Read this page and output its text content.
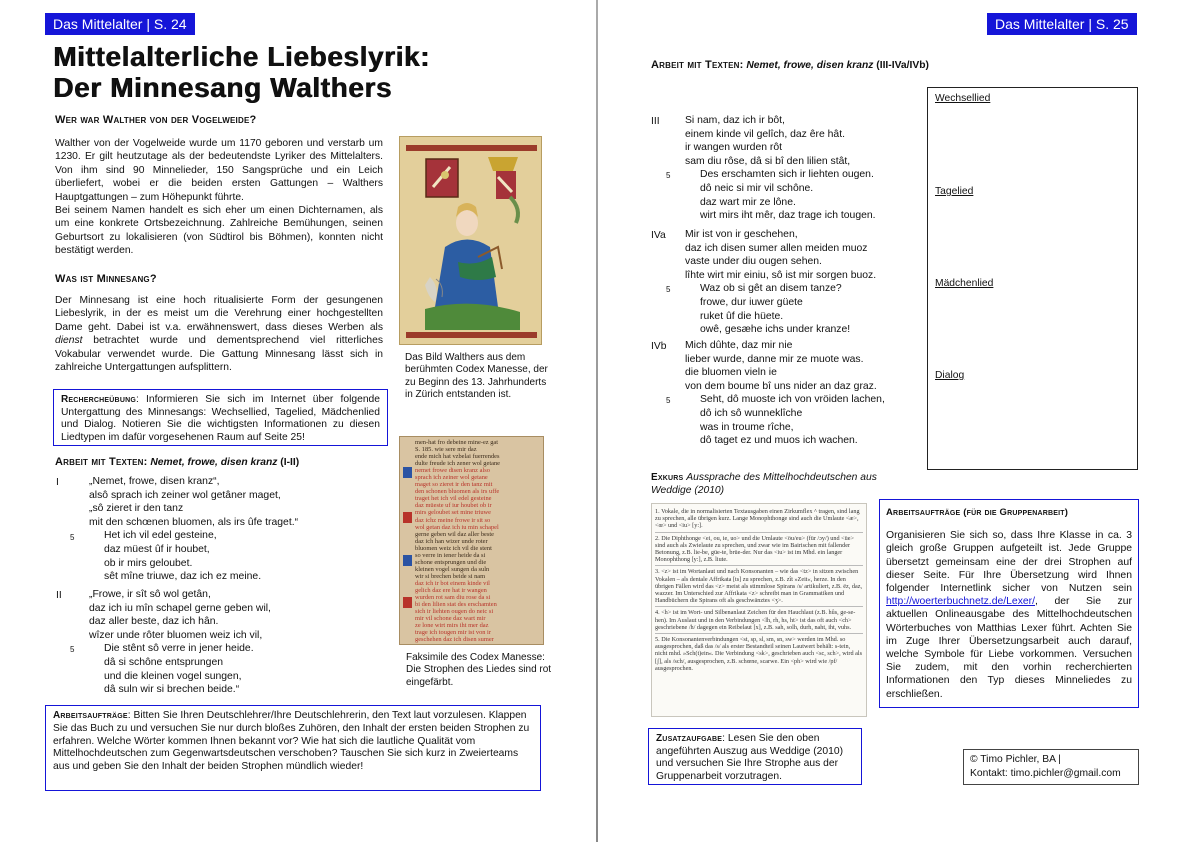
Das Mittelalter | S. 24
Mittelalterliche Liebeslyrik:
Der Minnesang Walthers
Wer war Walther von der Vogelweide?
Walther von der Vogelweide wurde um 1170 geboren und verstarb um 1230. Er gilt heutzutage als der bedeutendste Lyriker des Mittelalters. Von ihm sind 90 Minnelieder, 150 Sangsprüche und ein Leich überliefert, wobei er die beiden ersten Gattungen – Walthers Hauptgattungen – zum Höhepunkt führte.
Bei seinem Namen handelt es sich eher um einen Dichternamen, als um eine konkrete Ortsbezeichnung. Zahlreiche Bemühungen, seinen Geburtsort zu lokalisieren (von Südtirol bis Böhmen), konnten nicht bestätigt werden.
Was ist Minnesang?
Der Minnesang ist eine hoch ritualisierte Form der gesungenen Liebeslyrik, in der es meist um die Verehrung einer hochgestellten Dame geht. Dabei ist v.a. erwähnenswert, dass dieses Werben als dienst betrachtet wurde und dementsprechend viel ritterliches Vokabular verwendet wurde. Die Gattung Minnesang lässt sich in zahlreiche Untergattungen aufsplittern.
Das Bild Walthers aus dem berühmten Codex Manesse, der zu Beginn des 13. Jahrhunderts in Zürich entstanden ist.
Rechercheübung: Informieren Sie sich im Internet über folgende Untergattung des Minnesangs: Wechsellied, Tagelied, Mädchenlied und Dialog. Notieren Sie die wichtigsten Informationen zu diesen Liedtypen im dafür vorgesehenen Raum auf Seite 25!
Arbeit mit Texten: Nemet, frowe, disen kranz (I-II)
I
5
„Nemet, frowe, disen kranz“,
alsô sprach ich zeiner wol getâner maget,
„sô zieret ir den tanz
mit den schœnen bluomen, als irs ûfe traget.“
Het ich vil edel gesteine,
daz müest ûf ir houbet,
ob ir mirs geloubet.
sêt mîne triuwe, daz ich ez meine.
II
5
„Frowe, ir sît sô wol getân,
daz ich iu mîn schapel gerne geben wil,
daz aller beste, daz ich hân.
wîzer unde rôter bluomen weiz ich vil,
Die stênt sô verre in jener heide.
dâ si schône entsprungen
und die kleinen vogel sungen,
dâ suln wir si brechen beide.“
men-hat fro debeine mine-ez gat
S. 185. wie sere mir daz
ende mich hat vzbelai fuerrendes
dulte freude ich zener wol getane
nemet frowe disen kranz also
sprach ich zeiner wol getane
maget so zieret ir den tanz mit
den schonen bluomen als irs uffe
traget het ich vil edel gesteine
daz müeste uf iur houbet ob ir
mirs geloubet set mine triuwe
daz ichz meine frowe ir sit so
wol getan daz ich iu min schapel
gerne geben wil daz aller beste
daz ich han wizer unde roter
bluomen weiz ich vil die stent
so verre in iener heide da si
schone entsprungen und die
kleinen vogel sungen da suln
wir si brechen beide si nam
daz ich ir bot einem kinde vil
gelich daz ere hat ir wangen
wurden rot sam diu rose da si
bi den lilien stat des erschamten
sich ir liehten ougen do neic si
mir vil schone daz wart mir
ze lone wirt mirs iht mer daz
trage ich tougen mir ist von ir
geschehen daz ich disen sumer
Faksimile des Codex Manesse: Die Strophen des Liedes sind rot eingefärbt.
Arbeitsaufträge: Bitten Sie Ihren Deutschlehrer/Ihre Deutschlehrerin, den Text laut vorzulesen. Klappen Sie das Buch zu und versuchen Sie nur durch bloßes Zuhören, den Inhalt der ersten beiden Strophen zu erfahren. Welche Wörter kommen Ihnen bekannt vor? Wie hat sich die lautliche Qualität vom Mittelhochdeutschen zum Gegenwartsdeutschen verschoben? Tauschen Sie sich kurz in Zweierteams aus und geben Sie den Inhalt der beiden Strophen mündlich wieder!
Das Mittelalter | S. 25
Arbeit mit Texten: Nemet, frowe, disen kranz (III-IVa/IVb)
III
5
Si nam, daz ich ir bôt,
einem kinde vil gelîch, daz êre hât.
ir wangen wurden rôt
sam diu rôse, dâ si bî den lilien stât,
Des erschamten sich ir liehten ougen.
dô neic si mir vil schône.
daz wart mir ze lône.
wirt mirs iht mêr, daz trage ich tougen.
IVa
5
Mir ist von ir geschehen,
daz ich disen sumer allen meiden muoz
vaste under diu ougen sehen.
lîhte wirt mir einiu, sô ist mir sorgen buoz.
Waz ob si gêt an disem tanze?
frowe, dur iuwer güete
ruket ûf die hüete.
owê, gesæhe ichs under kranze!
IVb
5
Mich dûhte, daz mir nie
lieber wurde, danne mir ze muote was.
die bluomen vieln ie
von dem boume bî uns nider an daz graz.
Seht, dô muoste ich von vröiden lachen,
dô ich sô wunneklîche
was in troume rîche,
dô taget ez und muos ich wachen.
Wechsellied
Tagelied
Mädchenlied
Dialog
Exkurs Aussprache des Mittelhochdeutschen aus Weddige (2010)
1. Vokale, die in normalisierten Textausgaben einen Zirkumflex ^ tragen, sind lang zu sprechen, alle übrigen kurz. Lange Monophthonge sind auch die Umlaute <æ>, <œ> und <iu> [y:].
2. Die Diphthonge <ei, ou, ie, uo> und die Umlaute <öu/eu> (für /ɔy/) und <üe> sind auch als Zwielaute zu sprechen, und zwar wie im Bairischen mit fallender Betonung, z.B. lie-be, güe-te, brüe-der. Nur das <iu> ist im Mhd. ein langer Monophthong [y:], z.B. liute.
3. <z> ist im Wortanlaut und nach Konsonanten – wie das <tz> in sitzen zwischen Vokalen – als dentale Affrikata [ts] zu sprechen, z.B. zît »Zeit«, herze. In den übrigen Fällen wird das <z> meist als stimmlose Spirans /s/ artikuliert, z.B. ëz, daz, wazzer. Im Unterschied zur Affrikata <z> schreibt man in Grammatiken und Handbüchern die Spirans oft als geschwänztes <ʒ>.
4. <h> ist im Wort- und Silbenanlaut Zeichen für den Hauchlaut (z.B. hûs, ge-se-hen). Im Auslaut und in den Verbindungen <lh, rh, hs, ht> ist das oft auch <ch> geschriebene /h/ dagegen ein Reibelaut [x], z.B. sah, solh, durh, naht, iht, vuhs.
5. Die Konsonantenverbindungen <st, sp, sl, sm, sn, sw> werden im Mhd. so ausgesprochen, daß das /s/ als erster Bestandteil seinen Lautwert behält: s-tein, nicht mhd. »Sch(t)ein«. Die Verbindung <sk>, geschrieben auch <sc, sch>, wird als [ʃ], als /sch/, ausgesprochen, z.B. schœne, scarwe. Ein <ph> wird wie /pf/ ausgesprochen.
Zusatzaufgabe: Lesen Sie den oben angeführten Auszug aus Weddige (2010) und versuchen Sie Ihre Strophe aus der Gruppenarbeit vorzutragen.
Arbeitsaufträge (für die Gruppenarbeit)
Organisieren Sie sich so, dass Ihre Klasse in ca. 3 gleich große Gruppen aufgeteilt ist. Jede Gruppe übersetzt gemeinsam eine der drei Strophen auf dieser Seite. Für Ihre Übersetzung wird Ihnen folgender Internetlink sicher von Nutzen sein http://woerterbuchnetz.de/Lexer/, der Sie zur aktuellen Onlineausgabe des Mittelhochdeutschen Wörterbuches von Matthias Lexer führt. Achten Sie im Zuge Ihrer Übersetzungsarbeit auch darauf, welche Symbole für Liebe vorkommen. Versuchen Sie zudem, mit den vorhin recherchierten Informationen den Typ dieses Minneliedes zu erschließen.
© Timo Pichler, BA |
Kontakt: timo.pichler@gmail.com
